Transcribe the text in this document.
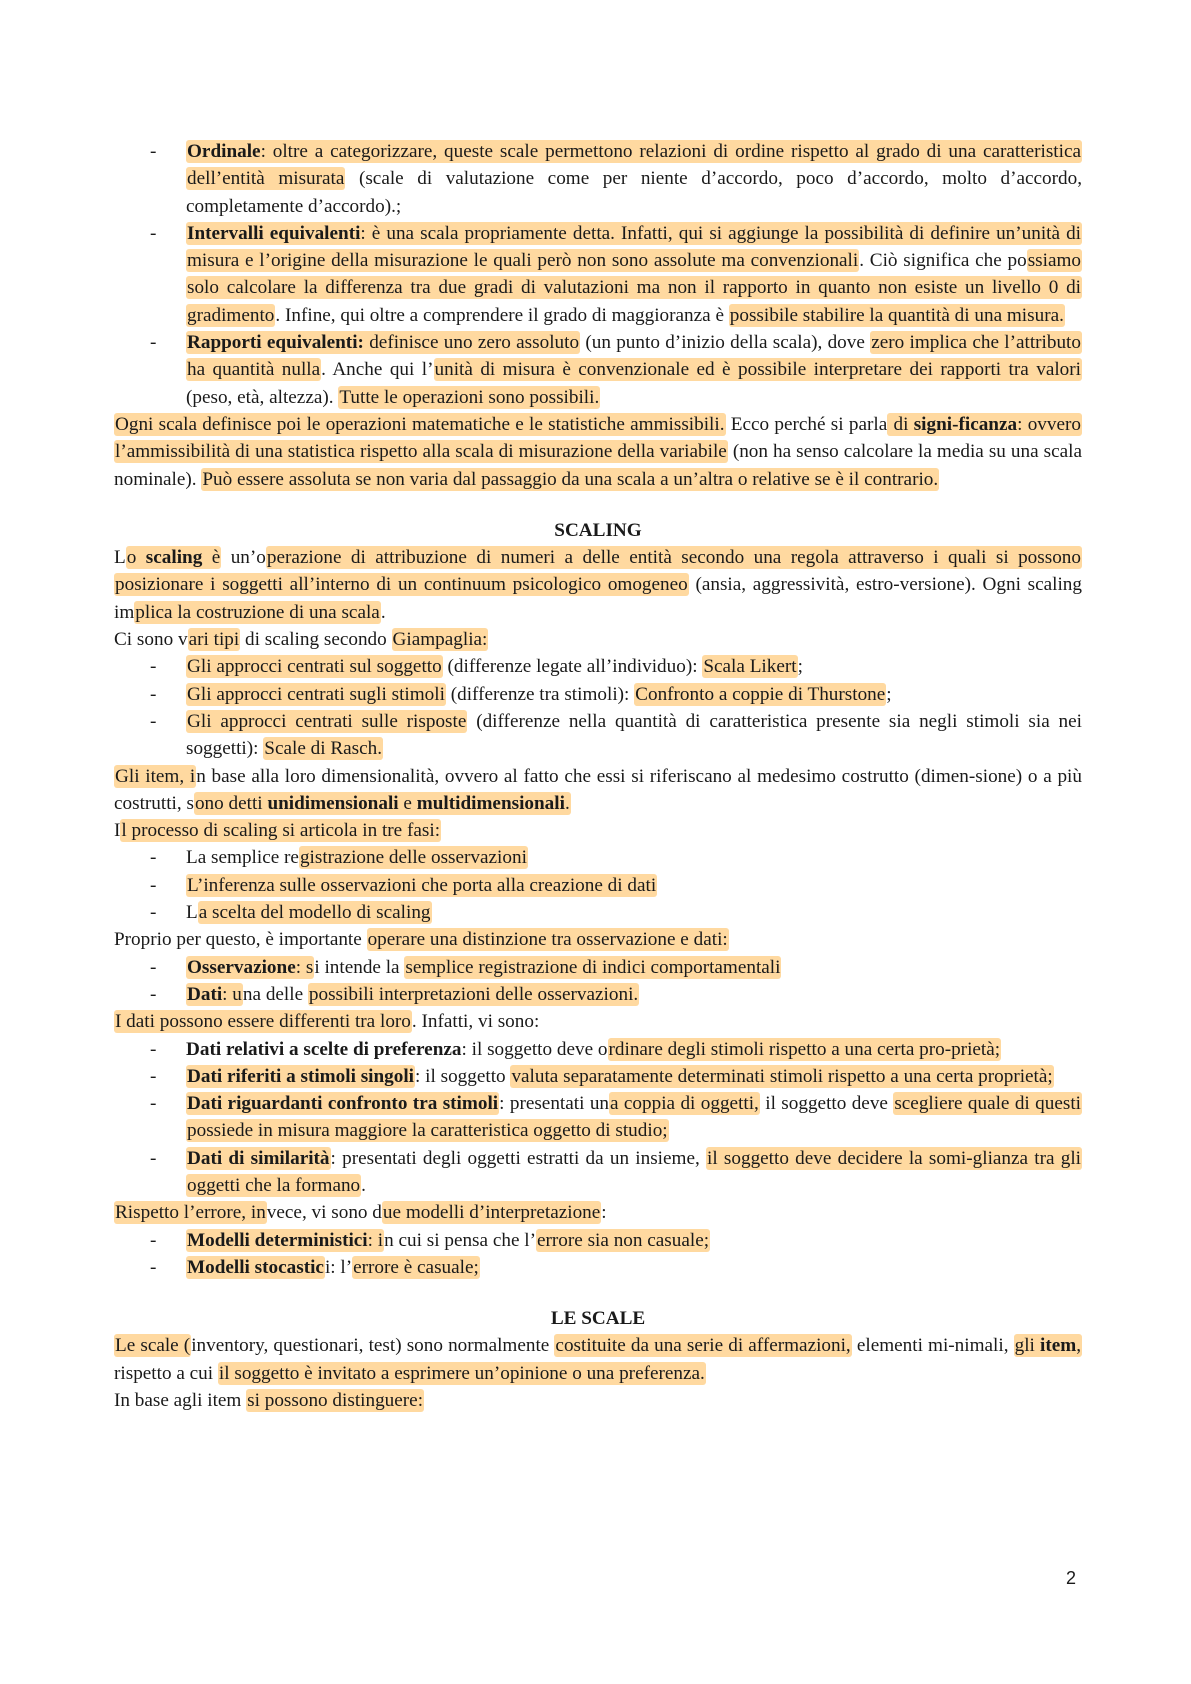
- Ordinale: oltre a categorizzare, queste scale permettono relazioni di ordine rispetto al grado di una caratteristica dell’entità misurata (scale di valutazione come per niente d’accordo, poco d’accordo, molto d’accordo, completamente d’accordo).;
- Intervalli equivalenti: è una scala propriamente detta. Infatti, qui si aggiunge la possibilità di definire un’unità di misura e l’origine della misurazione le quali però non sono assolute ma convenzionali. Ciò significa che possiamo solo calcolare la differenza tra due gradi di valutazioni ma non il rapporto in quanto non esiste un livello 0 di gradimento. Infine, qui oltre a comprendere il grado di maggioranza è possibile stabilire la quantità di una misura.
- Rapporti equivalenti: definisce uno zero assoluto (un punto d’inizio della scala), dove zero implica che l’attributo ha quantità nulla. Anche qui l’unità di misura è convenzionale ed è possibile interpretare dei rapporti tra valori (peso, età, altezza). Tutte le operazioni sono possibili.

Ogni scala definisce poi le operazioni matematiche e le statistiche ammissibili. Ecco perché si parla di signi-ficanza: ovvero l’ammissibilità di una statistica rispetto alla scala di misurazione della variabile (non ha senso calcolare la media su una scala nominale). Può essere assoluta se non varia dal passaggio da una scala a un’altra o relative se è il contrario.

SCALING

Lo scaling è un’operazione di attribuzione di numeri a delle entità secondo una regola attraverso i quali si possono posizionare i soggetti all’interno di un continuum psicologico omogeneo (ansia, aggressività, estro-versione). Ogni scaling implica la costruzione di una scala.

Ci sono vari tipi di scaling secondo Giampaglia:

- Gli approcci centrati sul soggetto (differenze legate all’individuo): Scala Likert;
- Gli approcci centrati sugli stimoli (differenze tra stimoli): Confronto a coppie di Thurstone;
- Gli approcci centrati sulle risposte (differenze nella quantità di caratteristica presente sia negli stimoli sia nei soggetti): Scale di Rasch.

Gli item, in base alla loro dimensionalità, ovvero al fatto che essi si riferiscano al medesimo costrutto (dimen-sione) o a più costrutti, sono detti unidimensionali e multidimensionali.

Il processo di scaling si articola in tre fasi:

- La semplice registrazione delle osservazioni
- L’inferenza sulle osservazioni che porta alla creazione di dati
- La scelta del modello di scaling

Proprio per questo, è importante operare una distinzione tra osservazione e dati:

- Osservazione: si intende la semplice registrazione di indici comportamentali
- Dati: una delle possibili interpretazioni delle osservazioni.

I dati possono essere differenti tra loro. Infatti, vi sono:

- Dati relativi a scelte di preferenza: il soggetto deve ordinare degli stimoli rispetto a una certa pro-prietà;
- Dati riferiti a stimoli singoli: il soggetto valuta separatamente determinati stimoli rispetto a una certa proprietà;
- Dati riguardanti confronto tra stimoli: presentati una coppia di oggetti, il soggetto deve scegliere quale di questi possiede in misura maggiore la caratteristica oggetto di studio;
- Dati di similarità: presentati degli oggetti estratti da un insieme, il soggetto deve decidere la somi-glianza tra gli oggetti che la formano.

Rispetto l’errore, invece, vi sono due modelli d’interpretazione:

- Modelli deterministici: in cui si pensa che l’errore sia non casuale;
- Modelli stocastici: l’errore è casuale;
LE SCALE

Le scale (inventory, questionari, test) sono normalmente costituite da una serie di affermazioni, elementi mi-nimali, gli item, rispetto a cui il soggetto è invitato a esprimere un’opinione o una preferenza.

In base agli item si possono distinguere:

2
